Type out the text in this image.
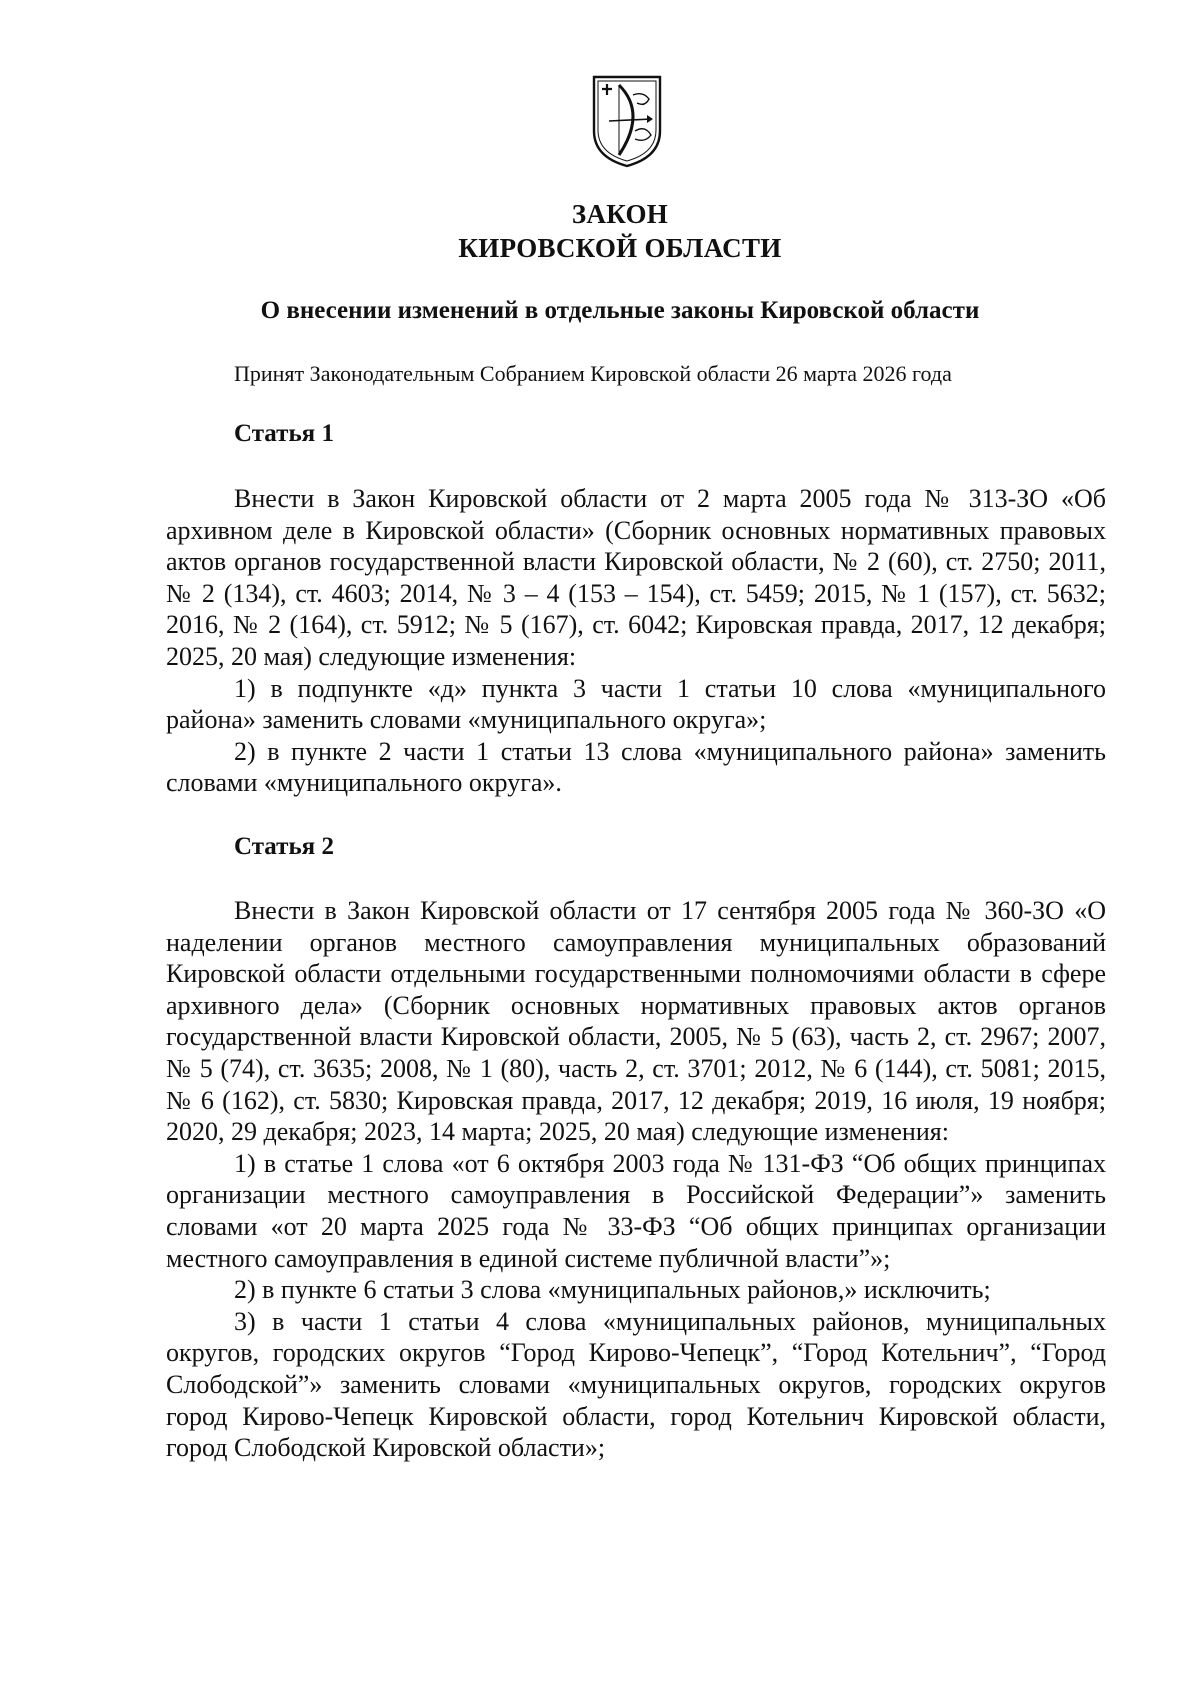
ЗАКОН
КИРОВСКОЙ ОБЛАСТИ
О внесении изменений в отдельные законы Кировской области
Принят Законодательным Собранием Кировской области 26 марта 2026 года
Статья 1

Внести в Закон Кировской области от 2 марта 2005 года № 313-ЗО «Об архивном деле в Кировской области» (Сборник основных нормативных правовых актов органов государственной власти Кировской области, № 2 (60), ст. 2750; 2011, № 2 (134), ст. 4603; 2014, № 3 – 4 (153 – 154), ст. 5459; 2015, № 1 (157), ст. 5632; 2016, № 2 (164), ст. 5912; № 5 (167), ст. 6042; Кировская правда, 2017, 12 декабря; 2025, 20 мая) следующие изменения:

1) в подпункте «д» пункта 3 части 1 статьи 10 слова «муниципального района» заменить словами «муниципального округа»;

2) в пункте 2 части 1 статьи 13 слова «муниципального района» заменить словами «муниципального округа».

Статья 2

Внести в Закон Кировской области от 17 сентября 2005 года № 360-ЗО «О наделении органов местного самоуправления муниципальных образований Кировской области отдельными государственными полномочиями области в сфере архивного дела» (Сборник основных нормативных правовых актов органов государственной власти Кировской области, 2005, № 5 (63), часть 2, ст. 2967; 2007, № 5 (74), ст. 3635; 2008, № 1 (80), часть 2, ст. 3701; 2012, № 6 (144), ст. 5081; 2015, № 6 (162), ст. 5830; Кировская правда, 2017, 12 декабря; 2019, 16 июля, 19 ноября; 2020, 29 декабря; 2023, 14 марта; 2025, 20 мая) следующие изменения:

1) в статье 1 слова «от 6 октября 2003 года № 131-ФЗ “Об общих принципах организации местного самоуправления в Российской Федерации”» заменить словами «от 20 марта 2025 года № 33-ФЗ “Об общих принципах организации местного самоуправления в единой системе публичной власти”»;

2) в пункте 6 статьи 3 слова «муниципальных районов,» исключить;

3) в части 1 статьи 4 слова «муниципальных районов, муниципальных округов, городских округов “Город Кирово-Чепецк”, “Город Котельнич”, “Город Слободской”» заменить словами «муниципальных округов, городских округов город Кирово-Чепецк Кировской области, город Котельнич Кировской области, город Слободской Кировской области»;
